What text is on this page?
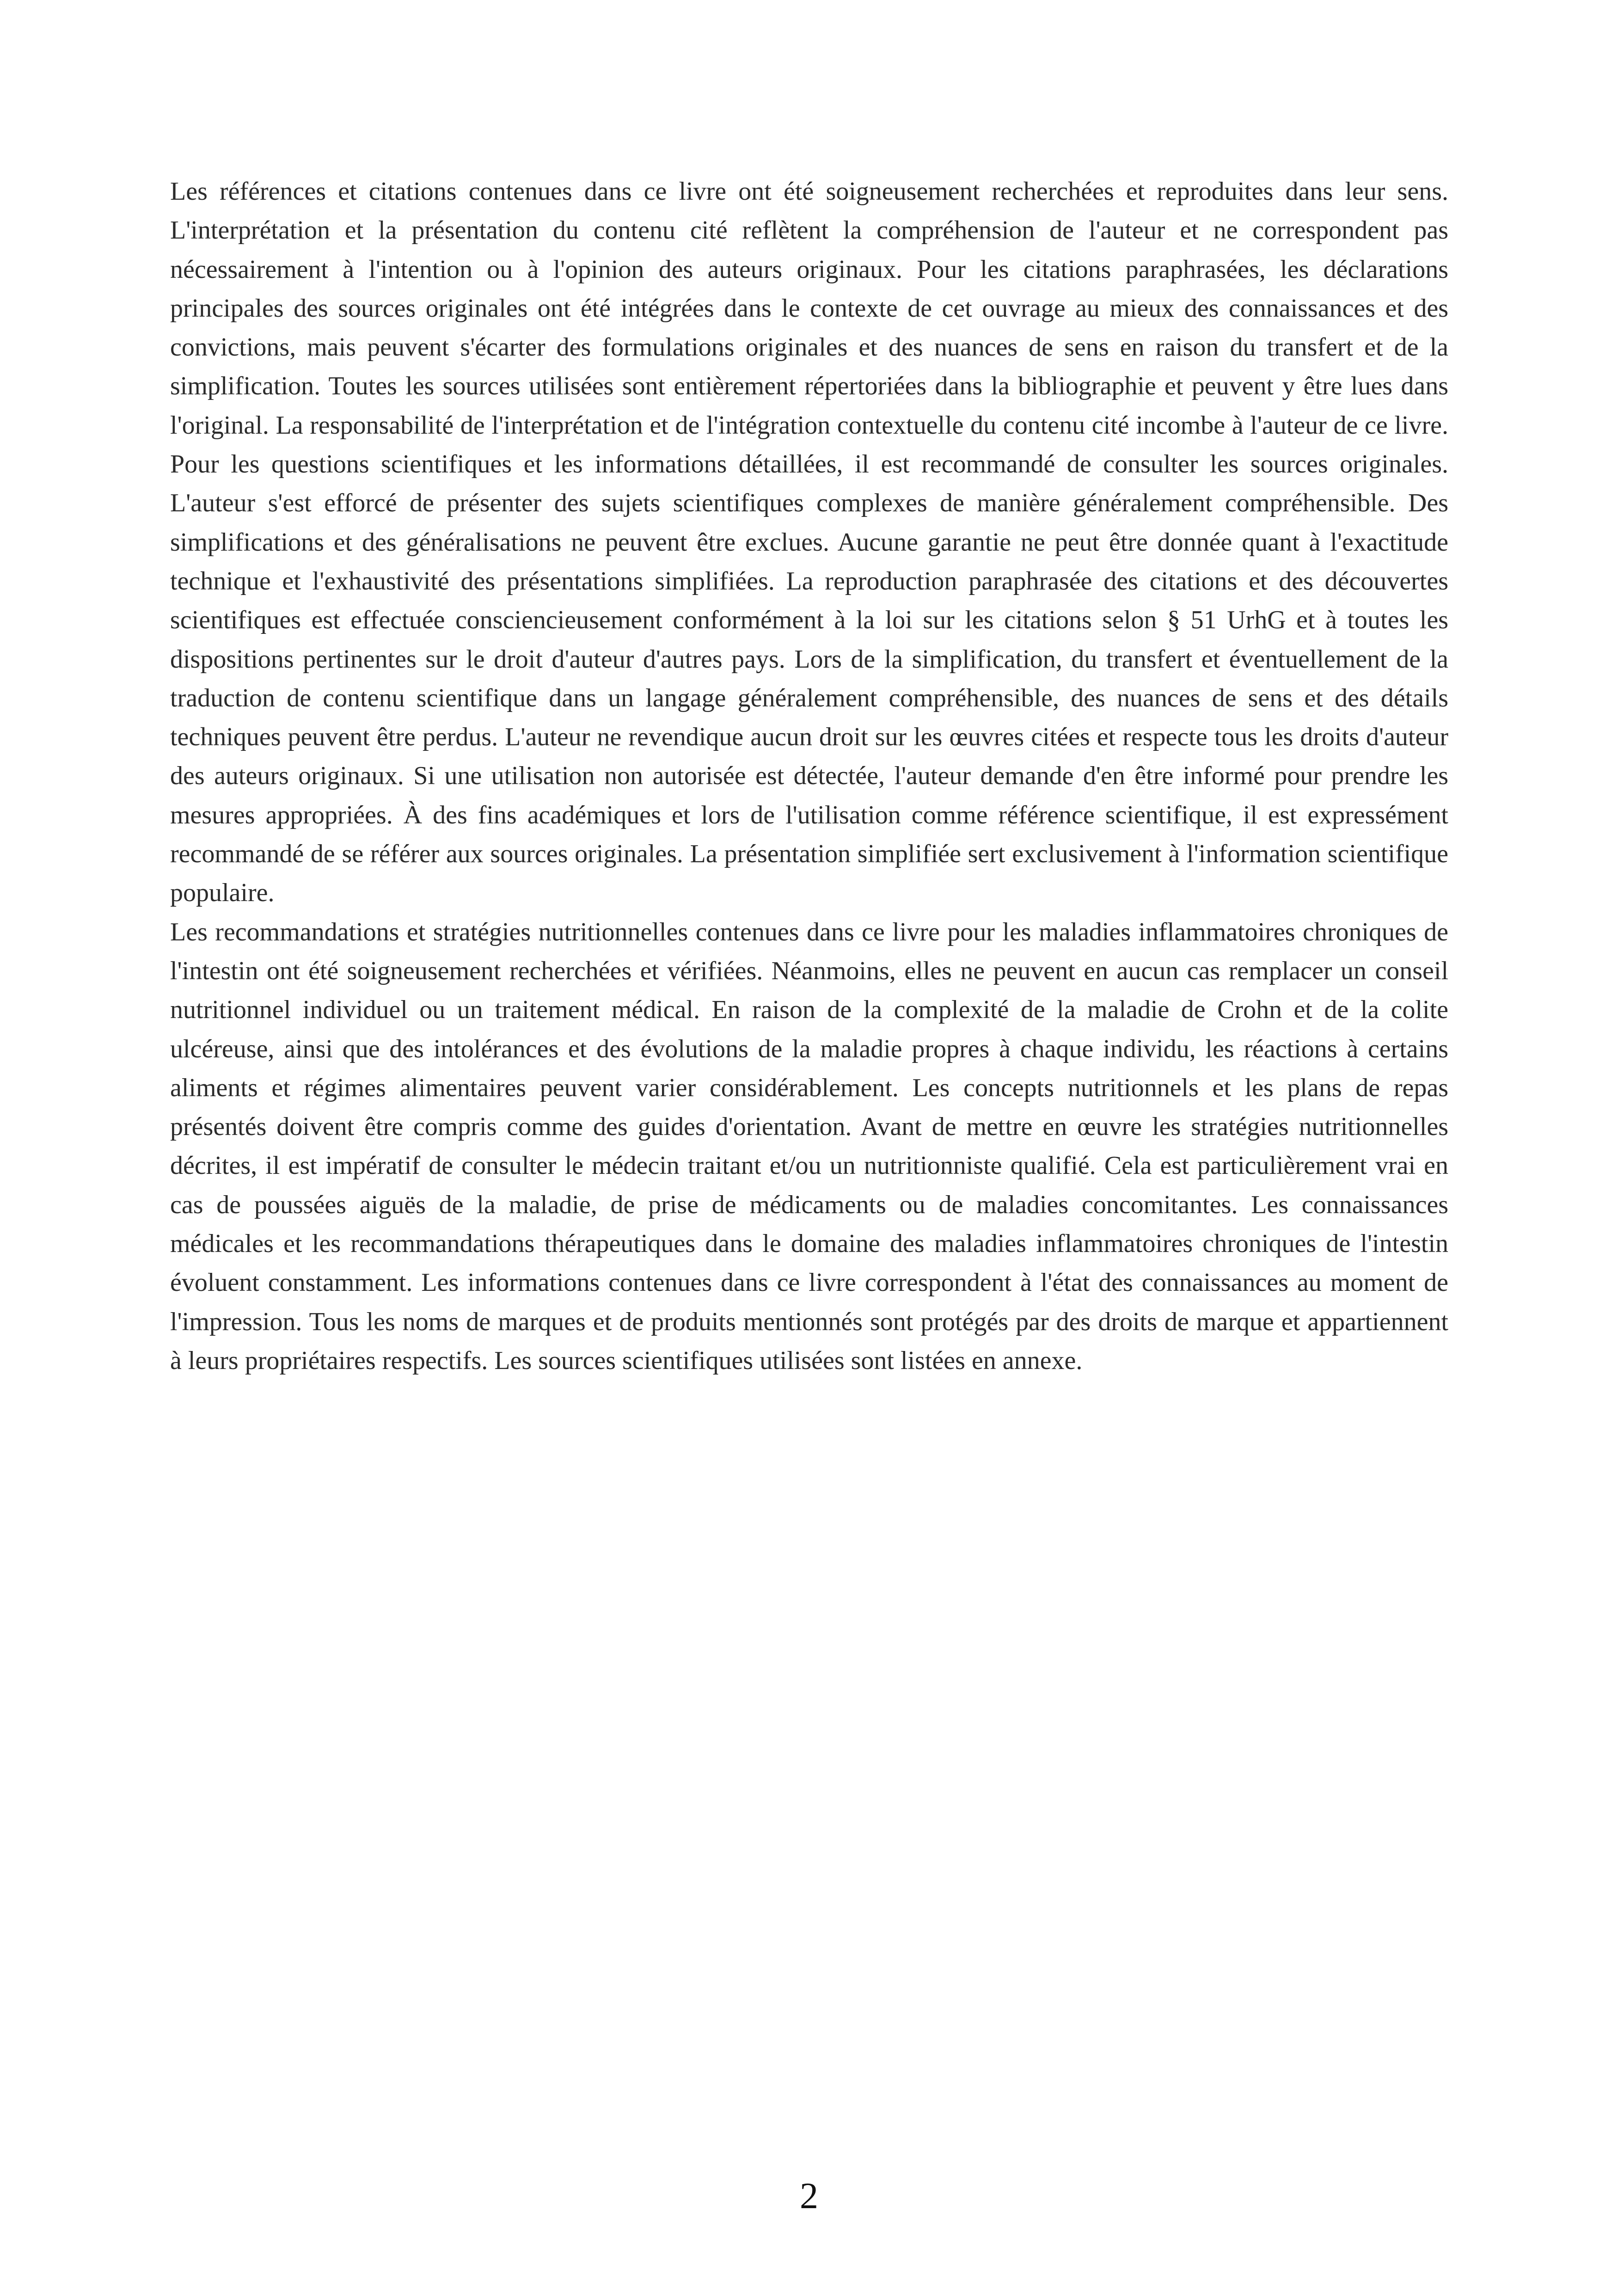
Les références et citations contenues dans ce livre ont été soigneusement recherchées et reproduites dans leur sens. L'interprétation et la présentation du contenu cité reflètent la compréhension de l'auteur et ne correspondent pas nécessairement à l'intention ou à l'opinion des auteurs originaux. Pour les citations paraphrasées, les déclarations principales des sources originales ont été intégrées dans le contexte de cet ouvrage au mieux des connaissances et des convictions, mais peuvent s'écarter des formulations originales et des nuances de sens en raison du transfert et de la simplification. Toutes les sources utilisées sont entièrement répertoriées dans la bibliographie et peuvent y être lues dans l'original. La responsabilité de l'interprétation et de l'intégration contextuelle du contenu cité incombe à l'auteur de ce livre. Pour les questions scientifiques et les informations détaillées, il est recommandé de consulter les sources originales. L'auteur s'est efforcé de présenter des sujets scientifiques complexes de manière généralement compréhensible. Des simplifications et des généralisations ne peuvent être exclues. Aucune garantie ne peut être donnée quant à l'exactitude technique et l'exhaustivité des présentations simplifiées. La reproduction paraphrasée des citations et des découvertes scientifiques est effectuée consciencieusement conformément à la loi sur les citations selon § 51 UrhG et à toutes les dispositions pertinentes sur le droit d'auteur d'autres pays. Lors de la simplification, du transfert et éventuellement de la traduction de contenu scientifique dans un langage généralement compréhensible, des nuances de sens et des détails techniques peuvent être perdus. L'auteur ne revendique aucun droit sur les œuvres citées et respecte tous les droits d'auteur des auteurs originaux. Si une utilisation non autorisée est détectée, l'auteur demande d'en être informé pour prendre les mesures appropriées. À des fins académiques et lors de l'utilisation comme référence scientifique, il est expressément recommandé de se référer aux sources originales. La présentation simplifiée sert exclusivement à l'information scientifique populaire.

Les recommandations et stratégies nutritionnelles contenues dans ce livre pour les maladies inflammatoires chroniques de l'intestin ont été soigneusement recherchées et vérifiées. Néanmoins, elles ne peuvent en aucun cas remplacer un conseil nutritionnel individuel ou un traitement médical. En raison de la complexité de la maladie de Crohn et de la colite ulcéreuse, ainsi que des intolérances et des évolutions de la maladie propres à chaque individu, les réactions à certains aliments et régimes alimentaires peuvent varier considérablement. Les concepts nutritionnels et les plans de repas présentés doivent être compris comme des guides d'orientation. Avant de mettre en œuvre les stratégies nutritionnelles décrites, il est impératif de consulter le médecin traitant et/ou un nutritionniste qualifié. Cela est particulièrement vrai en cas de poussées aiguës de la maladie, de prise de médicaments ou de maladies concomitantes. Les connaissances médicales et les recommandations thérapeutiques dans le domaine des maladies inflammatoires chroniques de l'intestin évoluent constamment. Les informations contenues dans ce livre correspondent à l'état des connaissances au moment de l'impression. Tous les noms de marques et de produits mentionnés sont protégés par des droits de marque et appartiennent à leurs propriétaires respectifs. Les sources scientifiques utilisées sont listées en annexe.

2
